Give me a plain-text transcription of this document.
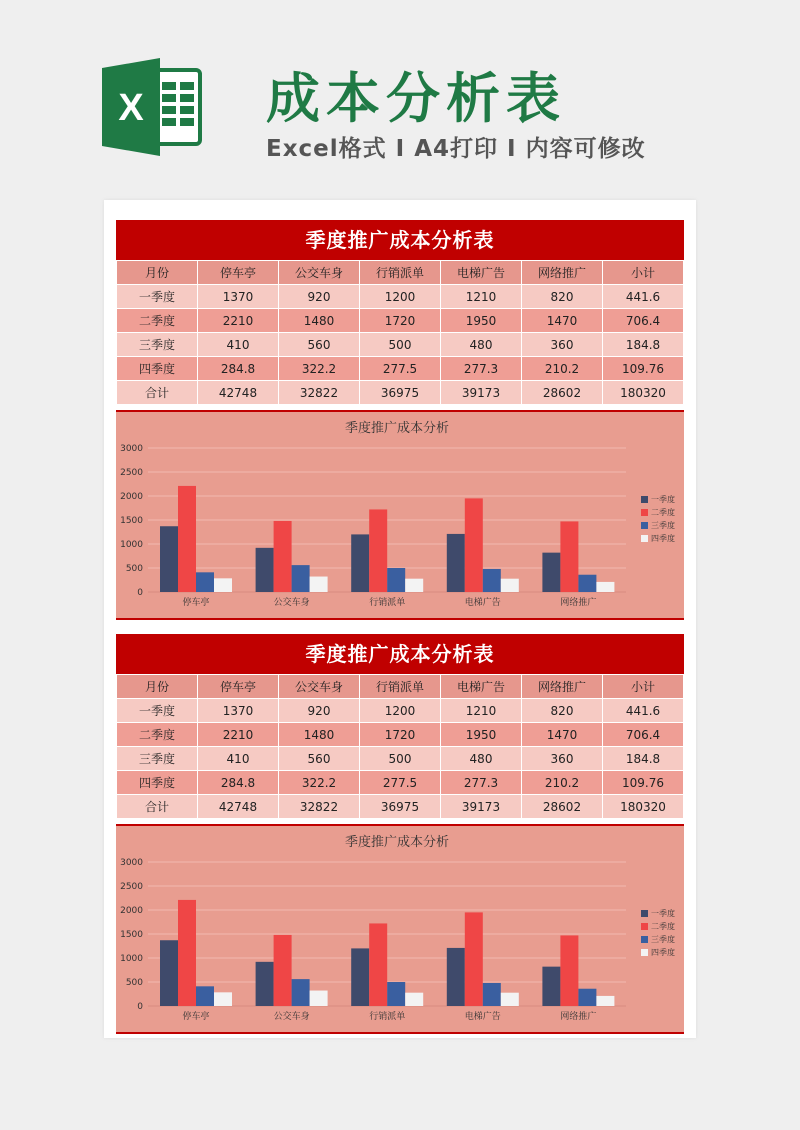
X 成本分析表
Excel格式 I A4打印 I 内容可修改
季度推广成本分析表
月份	停车亭	公交车身	行销派单	电梯广告	网络推广	小计
一季度	1370	920	1200	1210	820	441.6
二季度	2210	1480	1720	1950	1470	706.4
三季度	410	560	500	480	360	184.8
四季度	284.8	322.2	277.5	277.3	210.2	109.76
合计	42748	32822	36975	39173	28602	180320
季度推广成本分析
0
500
1000
1500
2000
2500
3000
停车亭	公交车身	行销派单	电梯广告	网络推广
一季度
二季度
三季度
四季度
季度推广成本分析表
月份	停车亭	公交车身	行销派单	电梯广告	网络推广	小计
一季度	1370	920	1200	1210	820	441.6
二季度	2210	1480	1720	1950	1470	706.4
三季度	410	560	500	480	360	184.8
四季度	284.8	322.2	277.5	277.3	210.2	109.76
合计	42748	32822	36975	39173	28602	180320
季度推广成本分析
0
500
1000
1500
2000
2500
3000
停车亭	公交车身	行销派单	电梯广告	网络推广
一季度
二季度
三季度
四季度
